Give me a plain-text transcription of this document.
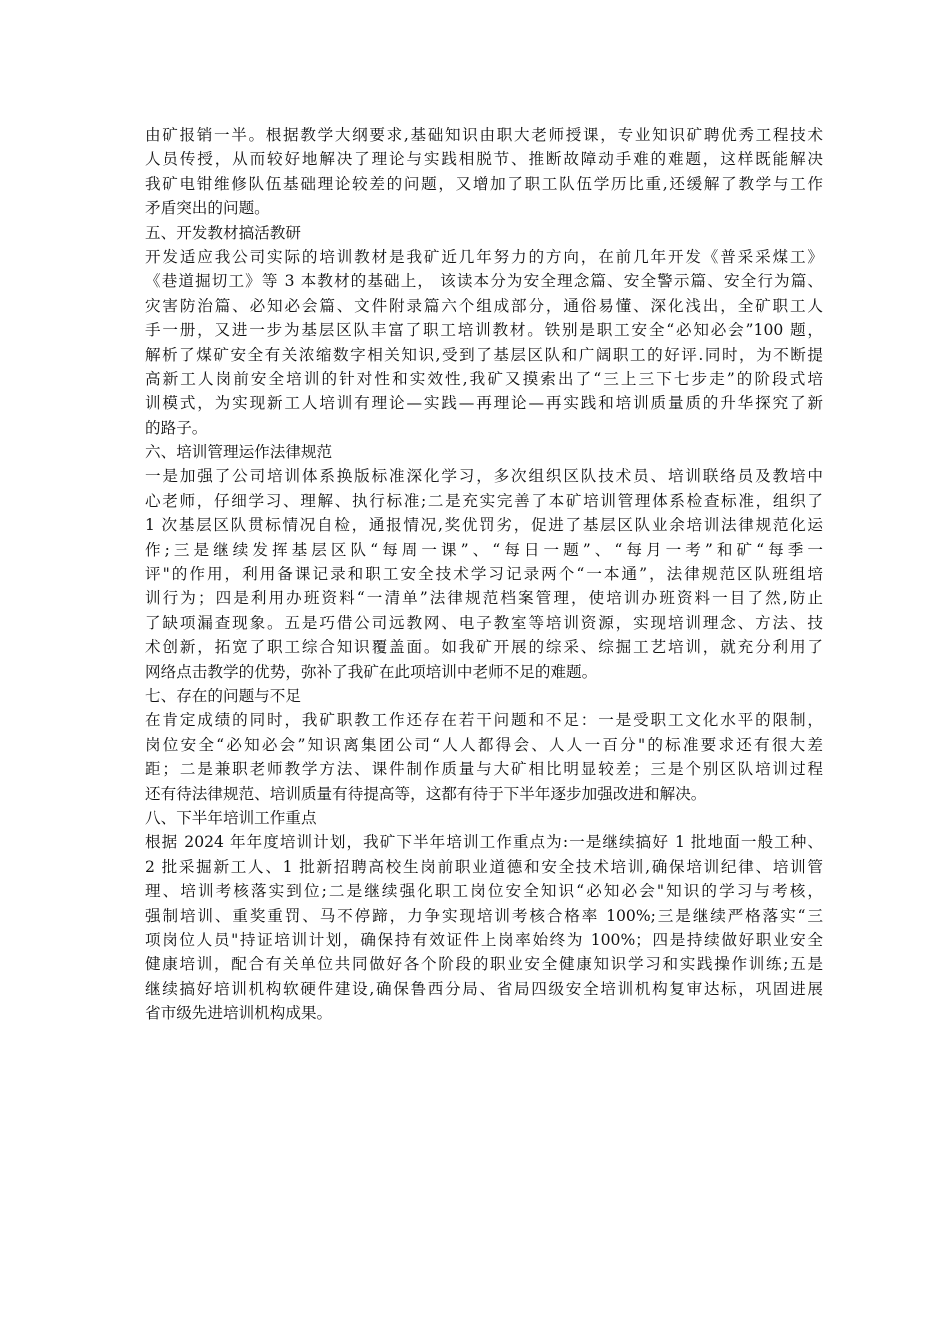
由矿报销一半。根据教学大纲要求,基础知识由职大老师授课，专业知识矿聘优秀工程技术
人员传授，从而较好地解决了理论与实践相脱节、推断故障动手难的难题，这样既能解决
我矿电钳维修队伍基础理论较差的问题，又增加了职工队伍学历比重,还缓解了教学与工作
矛盾突出的问题。
五、开发教材搞活教研
开发适应我公司实际的培训教材是我矿近几年努力的方向，在前几年开发《普采采煤工》
《巷道掘切工》等 3 本教材的基础上， 该读本分为安全理念篇、安全警示篇、安全行为篇、
灾害防治篇、必知必会篇、文件附录篇六个组成部分，通俗易懂、深化浅出，全矿职工人
手一册，又进一步为基层区队丰富了职工培训教材。铁别是职工安全“必知必会”100 题，
解析了煤矿安全有关浓缩数字相关知识,受到了基层区队和广阔职工的好评.同时，为不断提
高新工人岗前安全培训的针对性和实效性,我矿又摸索出了“三上三下七步走”的阶段式培
训模式，为实现新工人培训有理论—实践—再理论—再实践和培训质量质的升华探究了新
的路子。
六、培训管理运作法律规范
一是加强了公司培训体系换版标准深化学习，多次组织区队技术员、培训联络员及教培中
心老师，仔细学习、理解、执行标准;二是充实完善了本矿培训管理体系检查标准，组织了
1 次基层区队贯标情况自检，通报情况,奖优罚劣，促进了基层区队业余培训法律规范化运
作;三是继续发挥基层区队“每周一课”、“每日一题”、“每月一考”和矿“每季一
评"的作用，利用备课记录和职工安全技术学习记录两个“一本通”，法律规范区队班组培
训行为；四是利用办班资料“一清单”法律规范档案管理，使培训办班资料一目了然,防止
了缺项漏查现象。五是巧借公司远教网、电子教室等培训资源，实现培训理念、方法、技
术创新，拓宽了职工综合知识覆盖面。如我矿开展的综采、综掘工艺培训，就充分利用了
网络点击教学的优势，弥补了我矿在此项培训中老师不足的难题。
七、存在的问题与不足
在肯定成绩的同时，我矿职教工作还存在若干问题和不足：一是受职工文化水平的限制，
岗位安全“必知必会”知识离集团公司“人人都得会、人人一百分"的标准要求还有很大差
距；二是兼职老师教学方法、课件制作质量与大矿相比明显较差；三是个别区队培训过程
还有待法律规范、培训质量有待提高等，这都有待于下半年逐步加强改进和解决。
八、下半年培训工作重点
根据 2024 年年度培训计划，我矿下半年培训工作重点为:一是继续搞好 1 批地面一般工种、
2 批采掘新工人、1 批新招聘高校生岗前职业道德和安全技术培训,确保培训纪律、培训管
理、培训考核落实到位;二是继续强化职工岗位安全知识“必知必会"知识的学习与考核，
强制培训、重奖重罚、马不停蹄，力争实现培训考核合格率 100%;三是继续严格落实“三
项岗位人员"持证培训计划，确保持有效证件上岗率始终为 100%；四是持续做好职业安全
健康培训，配合有关单位共同做好各个阶段的职业安全健康知识学习和实践操作训练;五是
继续搞好培训机构软硬件建设,确保鲁西分局、省局四级安全培训机构复审达标，巩固进展
省市级先进培训机构成果。
